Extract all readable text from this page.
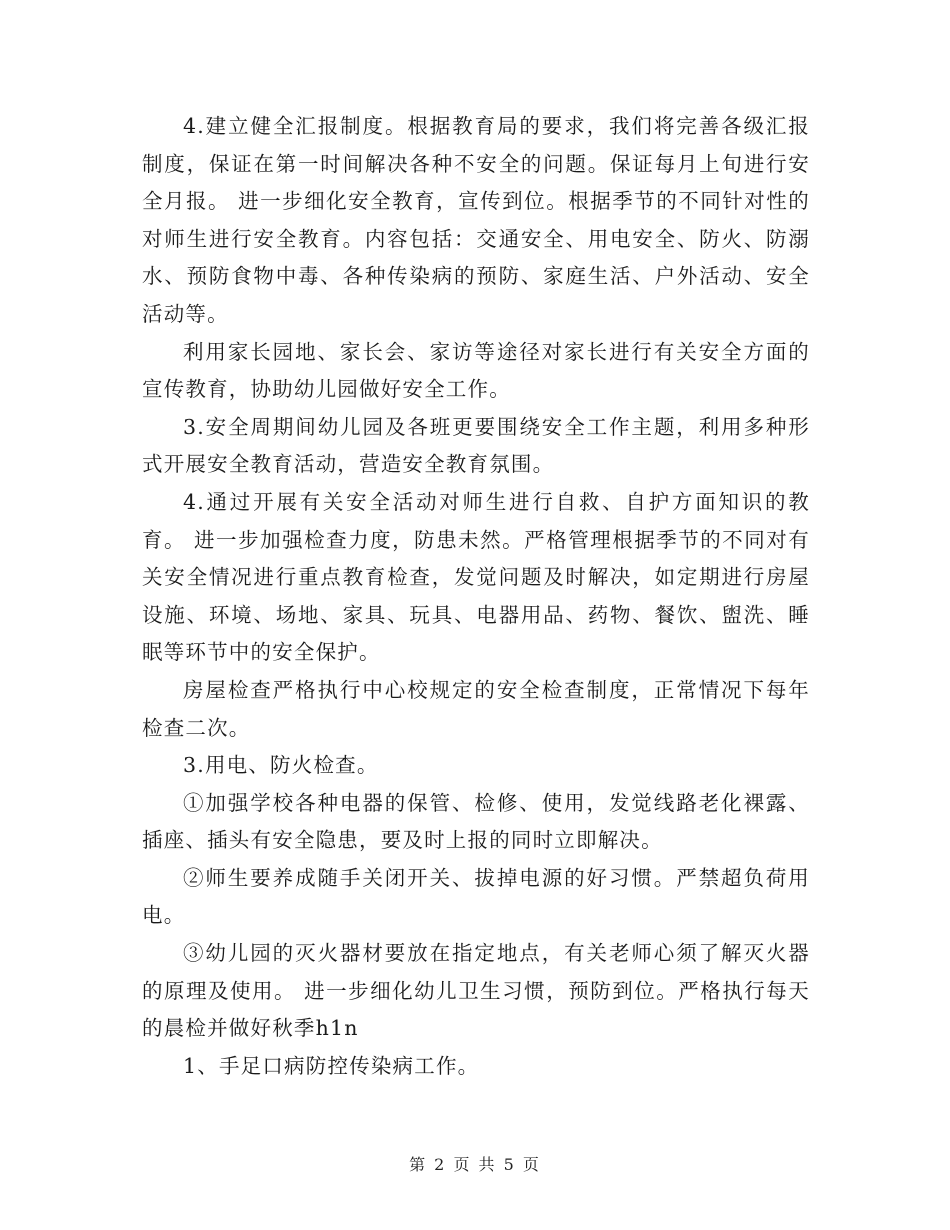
4.建立健全汇报制度。根据教育局的要求，我们将完善各级汇报制度，保证在第一时间解决各种不安全的问题。保证每月上旬进行安全月报。 进一步细化安全教育，宣传到位。根据季节的不同针对性的对师生进行安全教育。内容包括：交通安全、用电安全、防火、防溺水、预防食物中毒、各种传染病的预防、家庭生活、户外活动、安全活动等。

利用家长园地、家长会、家访等途径对家长进行有关安全方面的宣传教育，协助幼儿园做好安全工作。

3.安全周期间幼儿园及各班更要围绕安全工作主题，利用多种形式开展安全教育活动，营造安全教育氛围。

4.通过开展有关安全活动对师生进行自救、自护方面知识的教育。 进一步加强检查力度，防患未然。严格管理根据季节的不同对有关安全情况进行重点教育检查，发觉问题及时解决，如定期进行房屋设施、环境、场地、家具、玩具、电器用品、药物、餐饮、盥洗、睡眠等环节中的安全保护。

房屋检查严格执行中心校规定的安全检查制度，正常情况下每年检查二次。

3.用电、防火检查。

①加强学校各种电器的保管、检修、使用，发觉线路老化裸露、插座、插头有安全隐患，要及时上报的同时立即解决。

②师生要养成随手关闭开关、拔掉电源的好习惯。严禁超负荷用电。

③幼儿园的灭火器材要放在指定地点，有关老师心须了解灭火器的原理及使用。 进一步细化幼儿卫生习惯，预防到位。严格执行每天的晨检并做好秋季h1n

1、手足口病防控传染病工作。

第 2 页 共 5 页
